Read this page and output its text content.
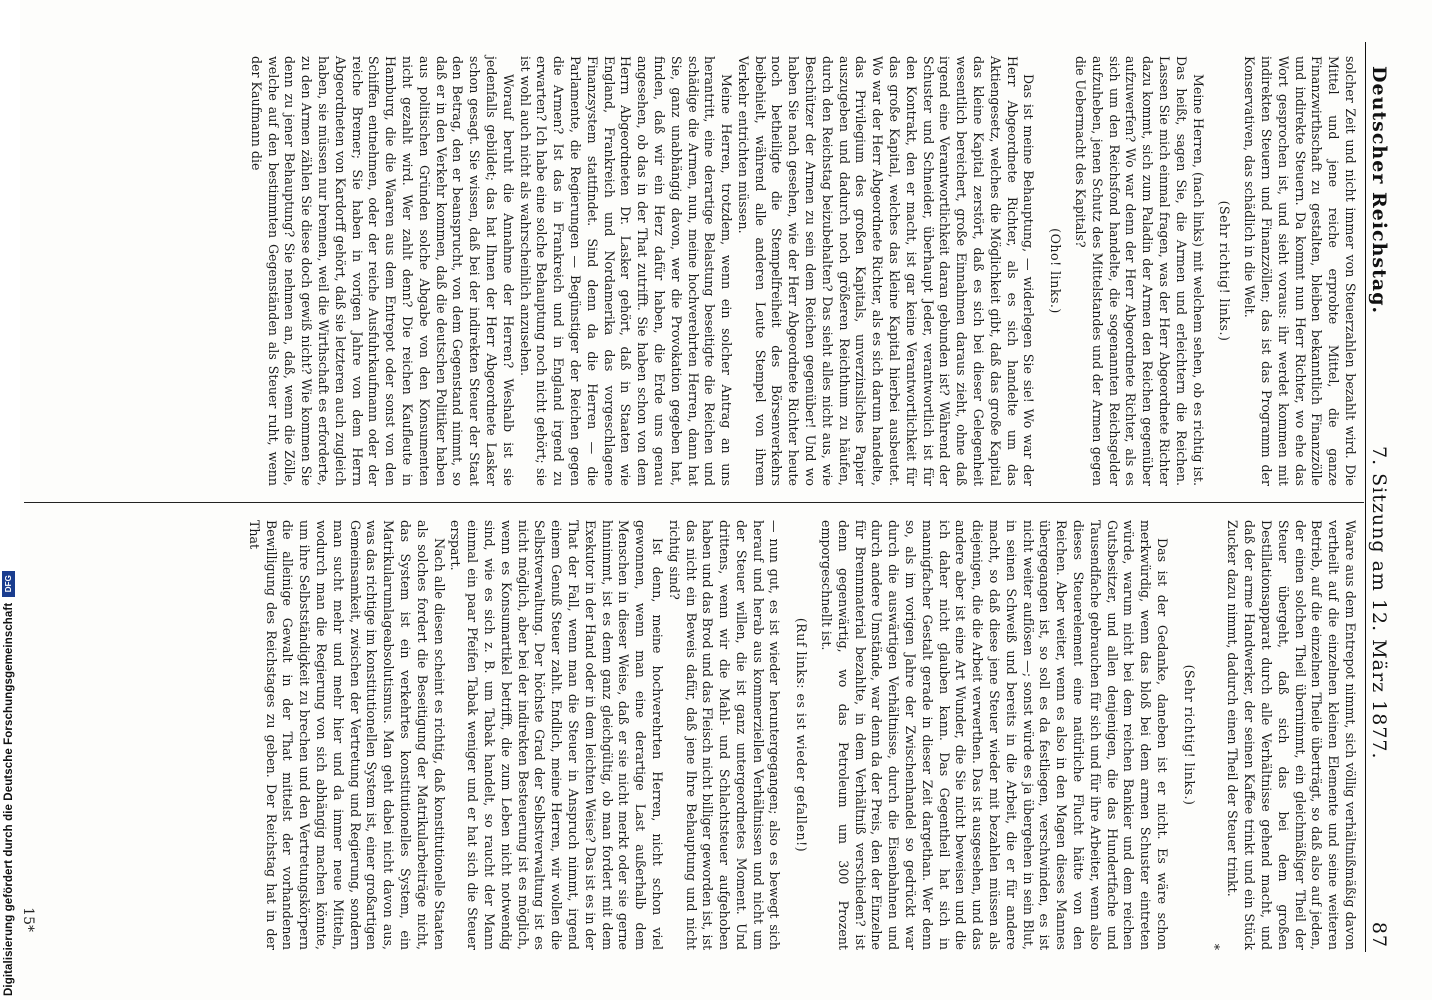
Deutscher Reichstag.
7. Sitzung am 12. März 1877.
87

solcher Zeit und nicht immer von Steuerzahlen bezahlt wird. Die Mittel und jene reiche erprobte Mittel, die ganze Finanzwirthschaft zu gestalten, bleiben bekanntlich Finanzzölle und indirekte Steuern. Da kommt nun Herr Richter, wo ehe das Wort gesprochen ist, und sieht voraus: ihr werdet kommen mit indirekten Steuern und Finanzzöllen; das ist das Programm der Konservativen, das schädlich in die Welt.

(Sehr richtig! links.)

Meine Herren, (nach links) mit welchem sehen, ob es richtig ist. Das heißt, sagen Sie, die Armen und erleichtern die Reichen. Lassen Sie mich einmal fragen, was der Herr Abgeordnete Richter dazu kommt, sich zum Paladin der Armen den Reichen gegenüber aufzuwerfen? Wo war denn der Herr Abgeordnete Richter, als es sich um den Reichsfond handelte, die sogenannten Reichsgelder aufzuheben, jenen Schutz des Mittelstandes und der Armen gegen die Uebermacht des Kapitals?

(Oho! links.)

Das ist meine Behauptung, — widerlegen Sie sie! Wo war der Herr Abgeordnete Richter, als es sich handelte um das Aktiengesetz, welches die Möglichkeit gibt, daß das große Kapital das kleine Kapital zerstört, daß es sich bei dieser Gelegenheit wesentlich bereichert, große Einnahmen daraus zieht, ohne daß irgend eine Verantwortlichkeit daran gebunden ist? Während der Schuster und Schneider, überhaupt Jeder, verantwortlich ist für den Kontrakt, den er macht, ist gar keine Verantwortlichkeit für das große Kapital, welches das kleine Kapital hierbei ausbeutet. Wo war der Herr Abgeordnete Richter, als es sich darum handelte, das Privilegium des großen Kapitals, unverzinsliches Papier auszugeben und dadurch noch größeren Reichthum zu häufen, durch den Reichstag beizubehalten? Das sieht alles nicht aus, wie Beschützer der Armen zu sein dem Reichen gegenüber! Und wo haben Sie nach gesehen, wie der Herr Abgeordnete Richter heute noch betheiligte die Stempelfreiheit des Börsenverkehrs beibehielt, während alle anderen Leute Stempel von ihrem Verkehr entrichten müssen.

Meine Herren, trotzdem, wenn ein solcher Antrag an uns herantritt, eine derartige Belastung beseitigte die Reichen und schädige die Armen, nun, meine hochverehrten Herren, dann hat Sie, ganz unabhängig davon, wer die Provokation gegeben hat, finden, daß wir ein Herz dafür haben, die Erde uns genau angesehen, ob das in der That zutrifft. Sie haben schon von dem Herrn Abgeordneten Dr. Lasker gehört, daß in Staaten wie England, Frankreich und Nordamerika das vorgeschlagene Finanzsystem stattfindet. Sind denn da die Herren — die Parlamente, die Regierungen — Begünstiger der Reichen gegen die Armen? Ist das in Frankreich und in England irgend zu erwarten? Ich habe eine solche Behauptung noch nicht gehört; sie ist wohl auch nicht als wahrscheinlich anzusehen.

Worauf beruht die Annahme der Herren? Weshalb ist sie jedenfalls gebildet; das hat Ihnen der Herr Abgeordnete Lasker schon gesagt. Sie wissen, daß bei der indirekten Steuer der Staat den Betrag, den er beansprucht, von dem Gegenstand nimmt, so daß er in den Verkehr kommen, daß die deutschen Politiker haben aus politischen Gründen solche Abgabe von den Konsumenten nicht gezahlt wird. Wer zahlt denn? Die reichen Kaufleute in Hamburg, die die Waaren aus dem Entrepot oder sonst von den Schiffen entnehmen, oder der reiche Ausfuhrkaufmann oder der reiche Bremer; Sie haben in vorigen Jahre von dem Herrn Abgeordneten von Kardorff gehört, daß sie letzteren auch zugleich haben, sie müssen nur brennen, weil die Wirthschaft es erforderte, zu den Armen zählen Sie diese doch gewiß nicht? Wie kommen Sie denn zu jener Behauptung? Sie nehmen an, daß, wenn die Zölle, welche auf den bestimmten Gegenständen als Steuer ruht, wenn der Kaufmann die

Waare aus dem Entrepot nimmt, sich völlig verhältnißmäßig davon vertheilt auf die einzelnen kleinen Elemente und seine weiteren Betrieb, auf die einzelnen Theile überträgt, so daß also auf jeden, der einen solchen Theil übernimmt, ein gleichmäßiger Theil der Steuer übergeht, daß sich das bei dem großen Destillationsapparat durch alle Verhältnisse gehend macht, und daß der arme Handwerker, der seinen Kaffee trinkt und ein Stück Zucker dazu nimmt, dadurch einen Theil der Steuer trinkt.

*

(Sehr richtig! links.)

Das ist der Gedanke, daneben ist er nicht. Es wäre schon merkwürdig, wenn das bloß bei dem armen Schuster eintreten würde, warum nicht bei dem reichen Bankier und dem reichen Gutsbesitzer, und allen denjenigen, die das Hundertfache und Tausendfache gebrauchen für sich und für ihre Arbeiter, wenn also dieses Steuerelement eine natürliche Flucht hätte von den Reichen. Aber weiter, wenn es also in den Magen dieses Mannes übergegangen ist, so soll es da festliegen, verschwinden, es ist nicht weiter auflösen —; sonst würde es ja übergehen in sein Blut, in seinen Schweiß und bereits in die Arbeit, die er für andere macht, so daß diese jene Steuer wieder mit bezahlen müssen als diejenigen, die die Arbeit verwerthen. Das ist ausgesehen, und das andere aber ist eine Art Wunder, die Sie nicht beweisen und die ich daher nicht glauben kann. Das Gegentheil hat sich in mannigfacher Gestalt gerade in dieser Zeit dargethan. Wer denn so, als im vorigen Jahre der Zwischenhandel so gedrückt war durch die auswärtigen Verhältnisse, durch die Eisenbahnen und durch andere Umstände, war denn da der Preis, den der Einzelne für Brennmaterial bezahlte, in dem Verhältniß verschieden? ist denn gegenwärtig, wo das Petroleum um 300 Prozent emporgeschnellt ist.

(Ruf links: es ist wieder gefallen!)

— nun gut, es ist wieder heruntergegangen; also es bewegt sich herauf und herab aus kommerziellen Verhältnissen und nicht um der Steuer willen, die ist ganz untergeordnetes Moment. Und drittens, wenn wir die Mahl- und Schlachtsteuer aufgehoben haben und das Brod und das Fleisch nicht billiger geworden ist, ist das nicht ein Beweis dafür, daß jene Ihre Behauptung und nicht richtig sind?

Ist denn, meine hochverehrten Herren, nicht schon viel gewonnen, wenn man eine derartige Last außerhalb dem Menschen in dieser Weise, daß er sie nicht merkt oder sie gerne hinnimmt, ist es denn ganz gleichgültig, ob man fordert mit dem Exekutor in der Hand oder in dem leichten Weise? Das ist es in der That der Fall, wenn man die Steuer in Anspruch nimmt, irgend einem Genuß Steuer zahlt. Endlich, meine Herren, wir wollen die Selbstverwaltung. Der höchste Grad der Selbstverwaltung ist es nicht möglich, aber bei der indirekten Besteuerung ist es möglich, wenn es Konsumartikel betrifft, die zum Leben nicht notwendig sind, wie es sich z. B. um Tabak handelt, so raucht der Mann einmal ein paar Pfeifen Tabak weniger und er hat sich die Steuer erspart.

Nach alle diesen scheint es richtig, daß konstitutionelle Staaten als solches fordert die Beseitigung der Matrikularbeiträge nicht, das System ist ein verkehrtes konstitutionelles System, ein Matrikularumlageabsolutismus. Man geht dabei nicht davon aus, was das richtige im konstitutionellen System ist, einer großartigen Gemeinsamkeit, zwischen der Vertretung und Regierung, sondern man sucht mehr und mehr hier und da immer neue Mitteln, wodurch man die Regierung von sich abhängig machen könnte, um ihre Selbstständigkeit zu brechen und den Vertretungskörpern die alleinige Gewalt in der That mittelst der vorhandenen Bewilligung des Reichstages zu geben. Der Reichstag hat in der That

15*
Digitalisierung gefördert durch die Deutsche Forschungsgemeinschaft
DFG
